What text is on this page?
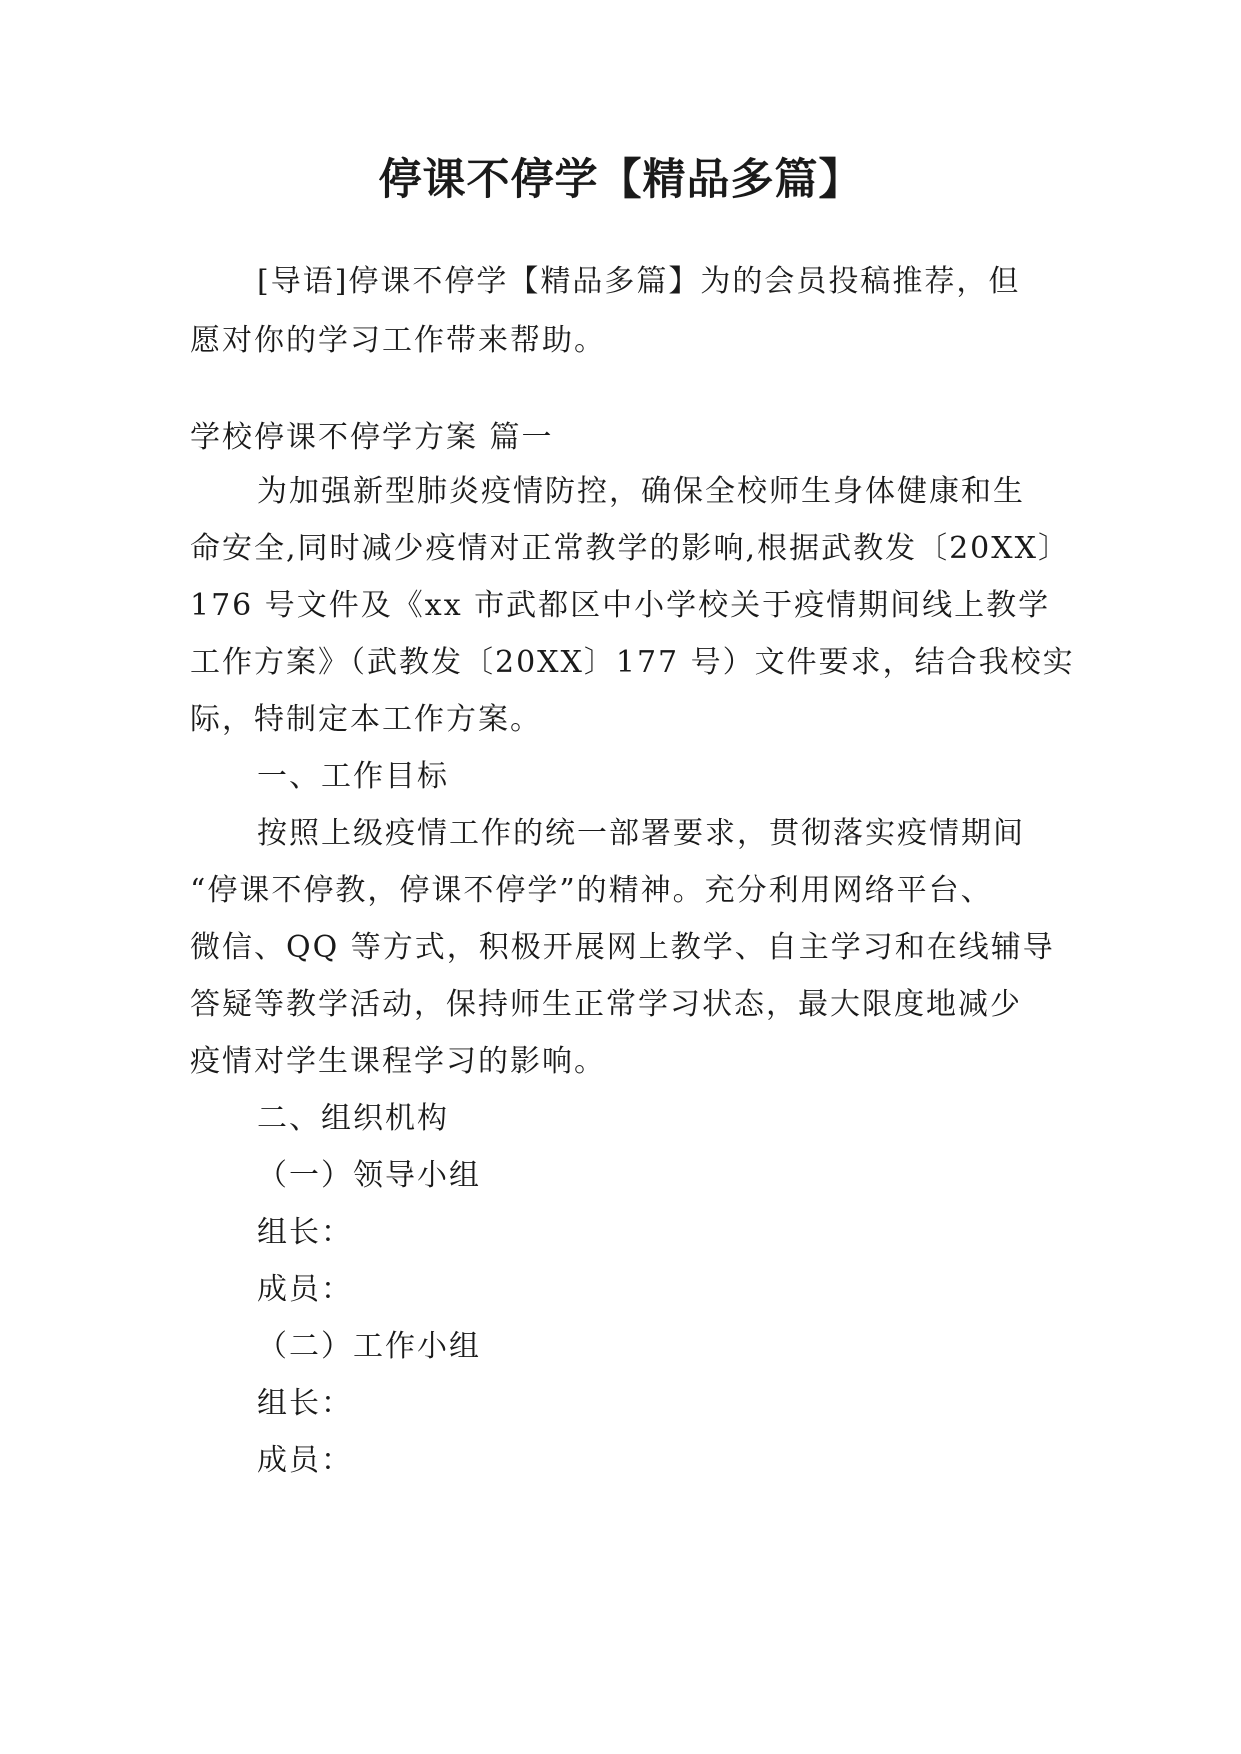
停课不停学【精品多篇】
[导语]停课不停学【精品多篇】为的会员投稿推荐，但
愿对你的学习工作带来帮助。
学校停课不停学方案 篇一
为加强新型肺炎疫情防控，确保全校师生身体健康和生
命安全,同时减少疫情对正常教学的影响,根据武教发〔20XX〕
176 号文件及《xx 市武都区中小学校关于疫情期间线上教学
工作方案》（武教发〔20XX〕177 号）文件要求，结合我校实
际，特制定本工作方案。
一、工作目标
按照上级疫情工作的统一部署要求，贯彻落实疫情期间
“停课不停教，停课不停学”的精神。充分利用网络平台、
微信、QQ 等方式，积极开展网上教学、自主学习和在线辅导
答疑等教学活动，保持师生正常学习状态，最大限度地减少
疫情对学生课程学习的影响。
二、组织机构
（一）领导小组
组长：
成员：
（二）工作小组
组长：
成员：
